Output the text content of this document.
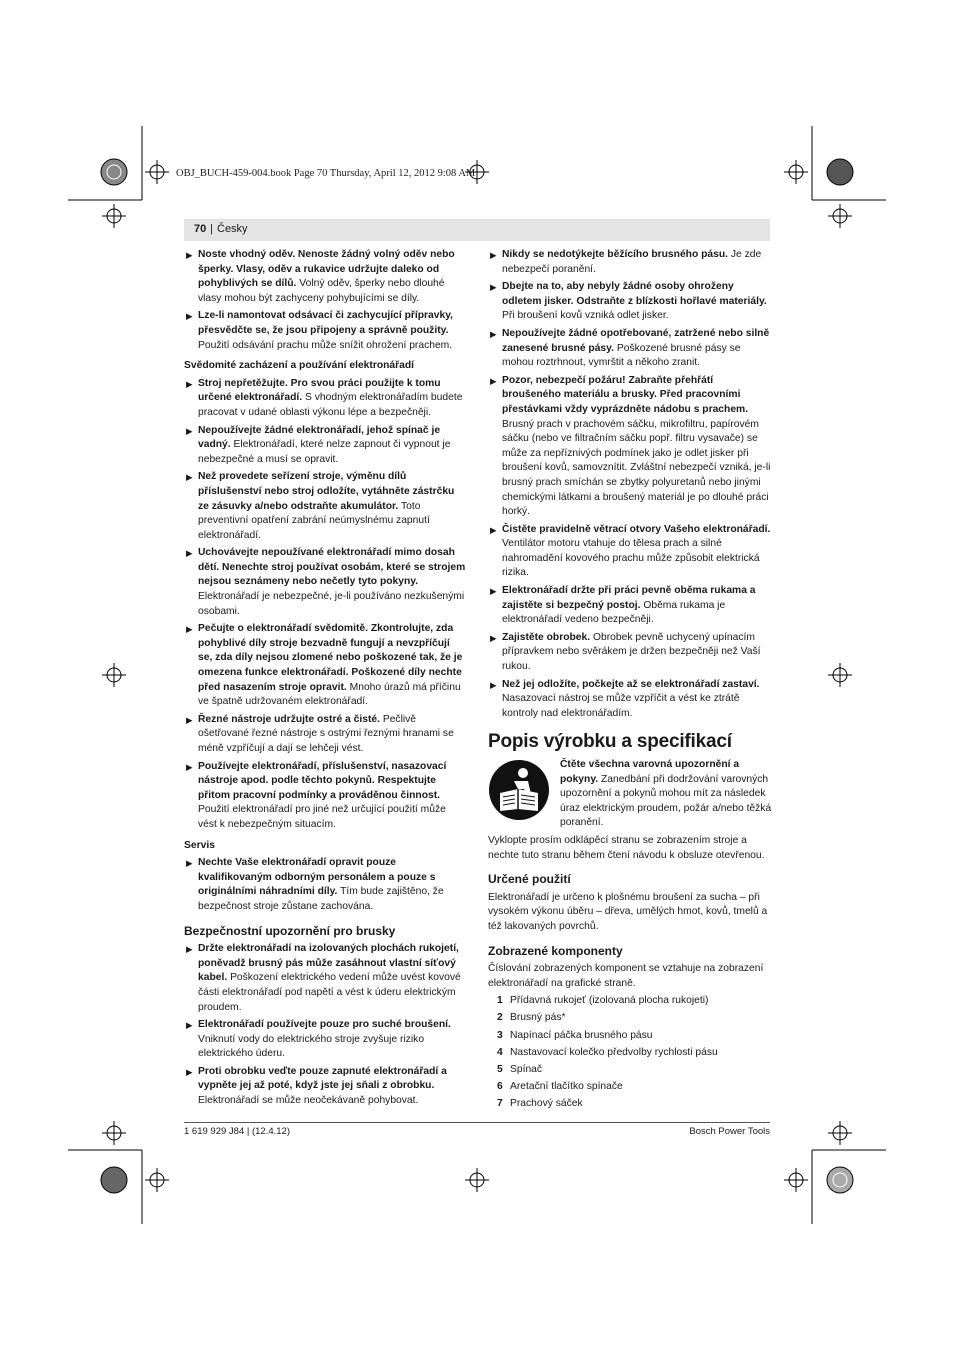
OBJ_BUCH-459-004.book Page 70 Thursday, April 12, 2012 9:08 AM
70 | Česky
▶ Noste vhodný oděv. Nenoste žádný volný oděv nebo šperky. Vlasy, oděv a rukavice udržujte daleko od pohyblivých se dílů. Volný oděv, šperky nebo dlouhé vlasy mohou být zachyceny pohybujícími se díly.
▶ Lze-li namontovat odsávací či zachycující přípravky, přesvědčte se, že jsou připojeny a správně použity. Použití odsávání prachu může snížit ohrožení prachem.
Svědomité zacházení a používání elektronářadí
▶ Stroj nepřetěžujte. Pro svou práci použijte k tomu určené elektronářadí. S vhodným elektronářadím budete pracovat v udané oblasti výkonu lépe a bezpečněji.
▶ Nepoužívejte žádné elektronářadí, jehož spínač je vadný. Elektronářadí, které nelze zapnout či vypnout je nebezpečné a musí se opravit.
▶ Než provedete seřízení stroje, výměnu dílů příslušenství nebo stroj odložíte, vytáhněte zástrčku ze zásuvky a/nebo odstraňte akumulátor. Toto preventivní opatření zabrání neúmyslnému zapnutí elektronářadí.
▶ Uchovávejte nepoužívané elektronářadí mimo dosah dětí. Nenechte stroj používat osobám, které se strojem nejsou seznámeny nebo nečetly tyto pokyny. Elektronářadí je nebezpečné, je-li používáno nezkušenými osobami.
▶ Pečujte o elektronářadí svědomitě. Zkontrolujte, zda pohyblivé díly stroje bezvadně fungují a nevzpříčují se, zda díly nejsou zlomené nebo poškozené tak, že je omezena funkce elektronářadí. Poškozené díly nechte před nasazením stroje opravit. Mnoho úrazů má příčinu ve špatně udržovaném elektronářadí.
▶ Řezné nástroje udržujte ostré a čisté. Pečlivě ošetřované řezné nástroje s ostrými řeznými hranami se méně vzpříčují a dají se lehčeji vést.
▶ Používejte elektronářadí, příslušenství, nasazovací nástroje apod. podle těchto pokynů. Respektujte přitom pracovní podmínky a prováděnou činnost. Použití elektronářadí pro jiné než určující použití může vést k nebezpečným situacím.
Servis
▶ Nechte Vaše elektronářadí opravit pouze kvalifikovaným odborným personálem a pouze s originálními náhradními díly. Tím bude zajištěno, že bezpečnost stroje zůstane zachována.
Bezpečnostní upozornění pro brusky
▶ Držte elektronářadí na izolovaných plochách rukojetí, poněvadž brusný pás může zasáhnout vlastní síťový kabel. Poškození elektrického vedení může uvést kovové části elektronářadí pod napětí a vést k úderu elektrickým proudem.
▶ Elektronářadí používejte pouze pro suché broušení. Vniknutí vody do elektrického stroje zvyšuje riziko elektrického úderu.
▶ Proti obrobku veďte pouze zapnuté elektronářadí a vypněte jej až poté, když jste jej sňali z obrobku. Elektronářadí se může neočekávaně pohybovat.
▶ Nikdy se nedotýkejte běžícího brusného pásu. Je zde nebezpečí poranění.
▶ Dbejte na to, aby nebyly žádné osoby ohroženy odletem jisker. Odstraňte z blízkosti hořlavé materiály. Při broušení kovů vzniká odlet jisker.
▶ Nepoužívejte žádné opotřebované, zatržené nebo silně zanesené brusné pásy. Poškozené brusné pásy se mohou roztrhnout, vymrštit a někoho zranit.
▶ Pozor, nebezpečí požáru! Zabraňte přehřátí broušeného materiálu a brusky. Před pracovními přestávkami vždy vyprázdněte nádobu s prachem. Brusný prach v prachovém sáčku, mikrofiltru, papírovém sáčku (nebo ve filtračním sáčku popř. filtru vysavače) se může za nepříznivých podmínek jako je odlet jisker při broušení kovů, samovznítit. Zvláštní nebezpečí vzniká, je-li brusný prach smíchán se zbytky polyuretanů nebo jinými chemickými látkami a broušený materiál je po dlouhé práci horký.
▶ Čistěte pravidelně větrací otvory Vašeho elektronářadí. Ventilátor motoru vtahuje do tělesa prach a silné nahromadění kovového prachu může způsobit elektrická rizika.
▶ Elektronářadí držte při práci pevně oběma rukama a zajistěte si bezpečný postoj. Oběma rukama je elektronářadí vedeno bezpečněji.
▶ Zajistěte obrobek. Obrobek pevně uchycený upínacím přípravkem nebo svěrákem je držen bezpečněji než Vaší rukou.
▶ Než jej odložíte, počkejte až se elektronářadí zastaví. Nasazovací nástroj se může vzpříčit a vést ke ztrátě kontroly nad elektronářadím.
Popis výrobku a specifikací
Čtěte všechna varovná upozornění a pokyny. Zanedbání při dodržování varovných upozornění a pokynů mohou mít za následek úraz elektrickým proudem, požár a/nebo těžká poranění.
Vyklopte prosím odklápěcí stranu se zobrazením stroje a nechte tuto stranu během čtení návodu k obsluze otevřenou.
Určené použití
Elektronářadí je určeno k plošnému broušení za sucha – při vysokém výkonu úběru – dřeva, umělých hmot, kovů, tmelů a též lakovaných povrchů.
Zobrazené komponenty
Číslování zobrazených komponent se vztahuje na zobrazení elektronářadí na grafické straně.
1 Přídavná rukojeť (izolovaná plocha rukojeti)
2 Brusný pás*
3 Napínací páčka brusného pásu
4 Nastavovací kolečko předvolby rychlosti pásu
5 Spínač
6 Aretační tlačítko spínače
7 Prachový sáček
1 619 929 J84 | (12.4.12)	Bosch Power Tools
